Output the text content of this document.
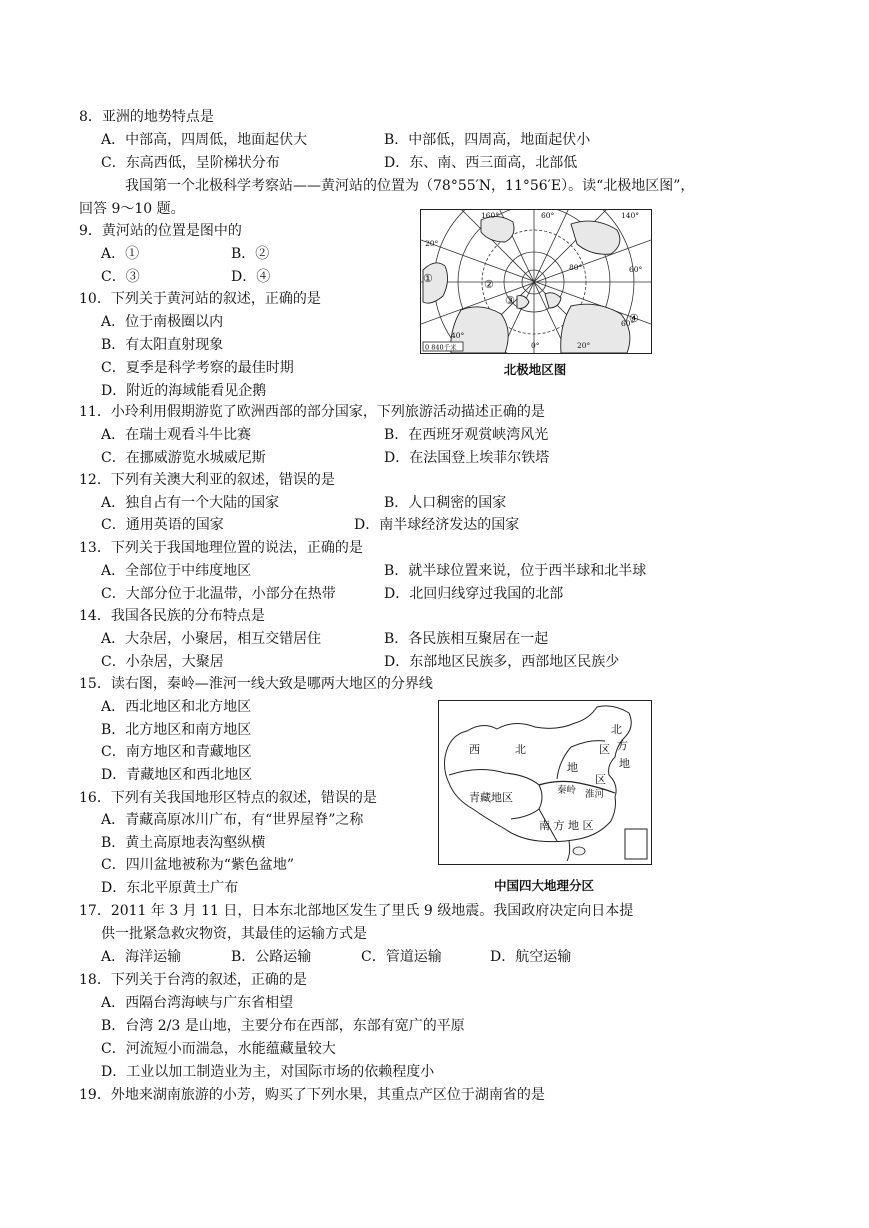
8．亚洲的地势特点是
A．中部高，四周低，地面起伏大	B．中部低，四周高，地面起伏小
C．东高西低，呈阶梯状分布	D．东、南、西三面高，北部低
我国第一个北极科学考察站——黄河站的位置为（78°55′N，11°56′E）。读“北极地区图”，
回答 9～10 题。
9．黄河站的位置是图中的
A．①	B．②
C．③	D．④
10．下列关于黄河站的叙述，正确的是
A．位于南极圈以内
B．有太阳直射现象
C．夏季是科学考察的最佳时期
D．附近的海域能看见企鹅
0 840千米
160°	140°
60°
20°
60°
80°
40°
0°	20°
60°
①	②
③
④
北极地区图
11．小玲利用假期游览了欧洲西部的部分国家，下列旅游活动描述正确的是
A．在瑞士观看斗牛比赛	B．在西班牙观赏峡湾风光
C．在挪威游览水城威尼斯	D．在法国登上埃菲尔铁塔
12．下列有关澳大利亚的叙述，错误的是
A．独自占有一个大陆的国家	B．人口稠密的国家
C．通用英语的国家	D．南半球经济发达的国家
13．下列关于我国地理位置的说法，正确的是
A．全部位于中纬度地区	B．就半球位置来说，位于西半球和北半球
C．大部分位于北温带，小部分在热带	D．北回归线穿过我国的北部
14．我国各民族的分布特点是
A．大杂居，小聚居，相互交错居住	B．各民族相互聚居在一起
C．小杂居，大聚居	D．东部地区民族多，西部地区民族少
15．读右图，秦岭—淮河一线大致是哪两大地区的分界线
A．西北地区和北方地区
B．北方地区和南方地区
C．南方地区和青藏地区
D．青藏地区和西北地区
西	北
地
区
北
方
地
区
青藏地区
南 方 地 区
秦岭 淮河
中国四大地理分区
16．下列有关我国地形区特点的叙述，错误的是
A．青藏高原冰川广布，有“世界屋脊”之称
B．黄土高原地表沟壑纵横
C．四川盆地被称为“紫色盆地”
D．东北平原黄土广布
17．2011 年 3 月 11 日，日本东北部地区发生了里氏 9 级地震。我国政府决定向日本提
供一批紧急救灾物资，其最佳的运输方式是
A．海洋运输	B．公路运输	C．管道运输	D．航空运输
18．下列关于台湾的叙述，正确的是
A．西隔台湾海峡与广东省相望
B．台湾 2/3 是山地，主要分布在西部，东部有宽广的平原
C．河流短小而湍急，水能蕴藏量较大
D．工业以加工制造业为主，对国际市场的依赖程度小
19．外地来湖南旅游的小芳，购买了下列水果，其重点产区位于湖南省的是
